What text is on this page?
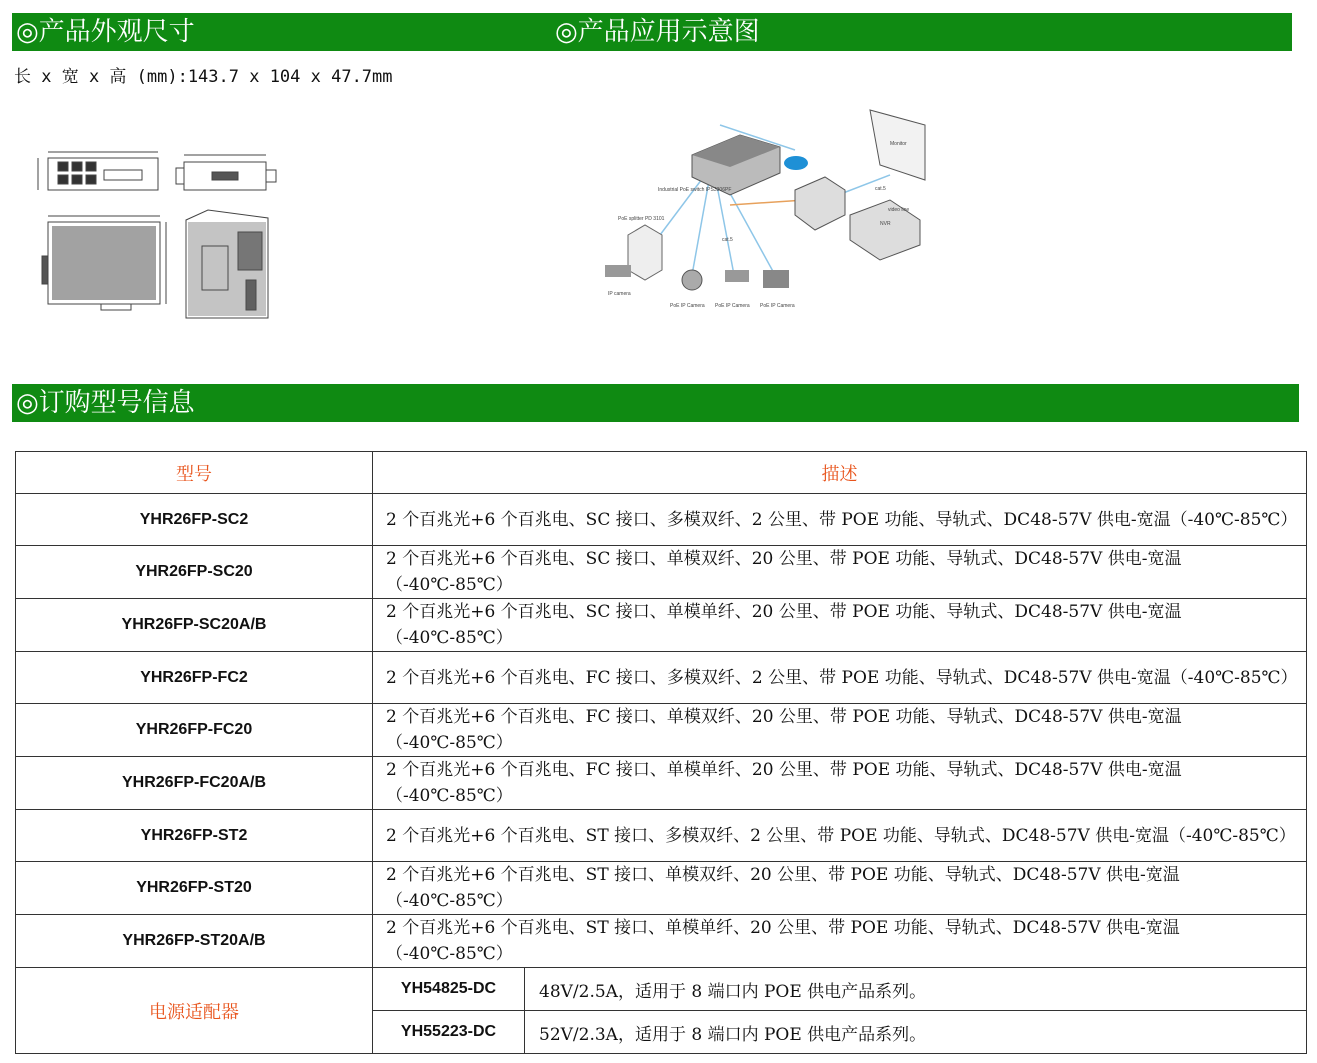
◎产品外观尺寸	◎产品应用示意图
长 x 宽 x 高 (mm):143.7 x 104 x 47.7mm
Industrial PoE switch IPS3306PF
PoE splitter PD 3101
Monitor
NVR
cat.5
cat.5
video line
IP camera
PoE IP Camera PoE IP Camera PoE IP Camera
◎订购型号信息
型号	描述	
YHR26FP-SC2	2 个百兆光+6 个百兆电、SC 接口、多模双纤、2 公里、带 POE 功能、导轨式、DC48-57V 供电-宽温（-40℃-85℃）	
YHR26FP-SC20	2 个百兆光+6 个百兆电、SC 接口、单模双纤、20 公里、带 POE 功能、导轨式、DC48-57V 供电-宽温（-40℃-85℃）	
YHR26FP-SC20A/B	2 个百兆光+6 个百兆电、SC 接口、单模单纤、20 公里、带 POE 功能、导轨式、DC48-57V 供电-宽温（-40℃-85℃）	
YHR26FP-FC2	2 个百兆光+6 个百兆电、FC 接口、多模双纤、2 公里、带 POE 功能、导轨式、DC48-57V 供电-宽温（-40℃-85℃）	
YHR26FP-FC20	2 个百兆光+6 个百兆电、FC 接口、单模双纤、20 公里、带 POE 功能、导轨式、DC48-57V 供电-宽温（-40℃-85℃）	
YHR26FP-FC20A/B	2 个百兆光+6 个百兆电、FC 接口、单模单纤、20 公里、带 POE 功能、导轨式、DC48-57V 供电-宽温（-40℃-85℃）	
YHR26FP-ST2	2 个百兆光+6 个百兆电、ST 接口、多模双纤、2 公里、带 POE 功能、导轨式、DC48-57V 供电-宽温（-40℃-85℃）	
YHR26FP-ST20	2 个百兆光+6 个百兆电、ST 接口、单模双纤、20 公里、带 POE 功能、导轨式、DC48-57V 供电-宽温（-40℃-85℃）	
YHR26FP-ST20A/B	2 个百兆光+6 个百兆电、ST 接口、单模单纤、20 公里、带 POE 功能、导轨式、DC48-57V 供电-宽温（-40℃-85℃）	
电源适配器	YH54825-DC	48V/2.5A，适用于 8 端口内 POE 供电产品系列。
	YH55223-DC	52V/2.3A，适用于 8 端口内 POE 供电产品系列。
